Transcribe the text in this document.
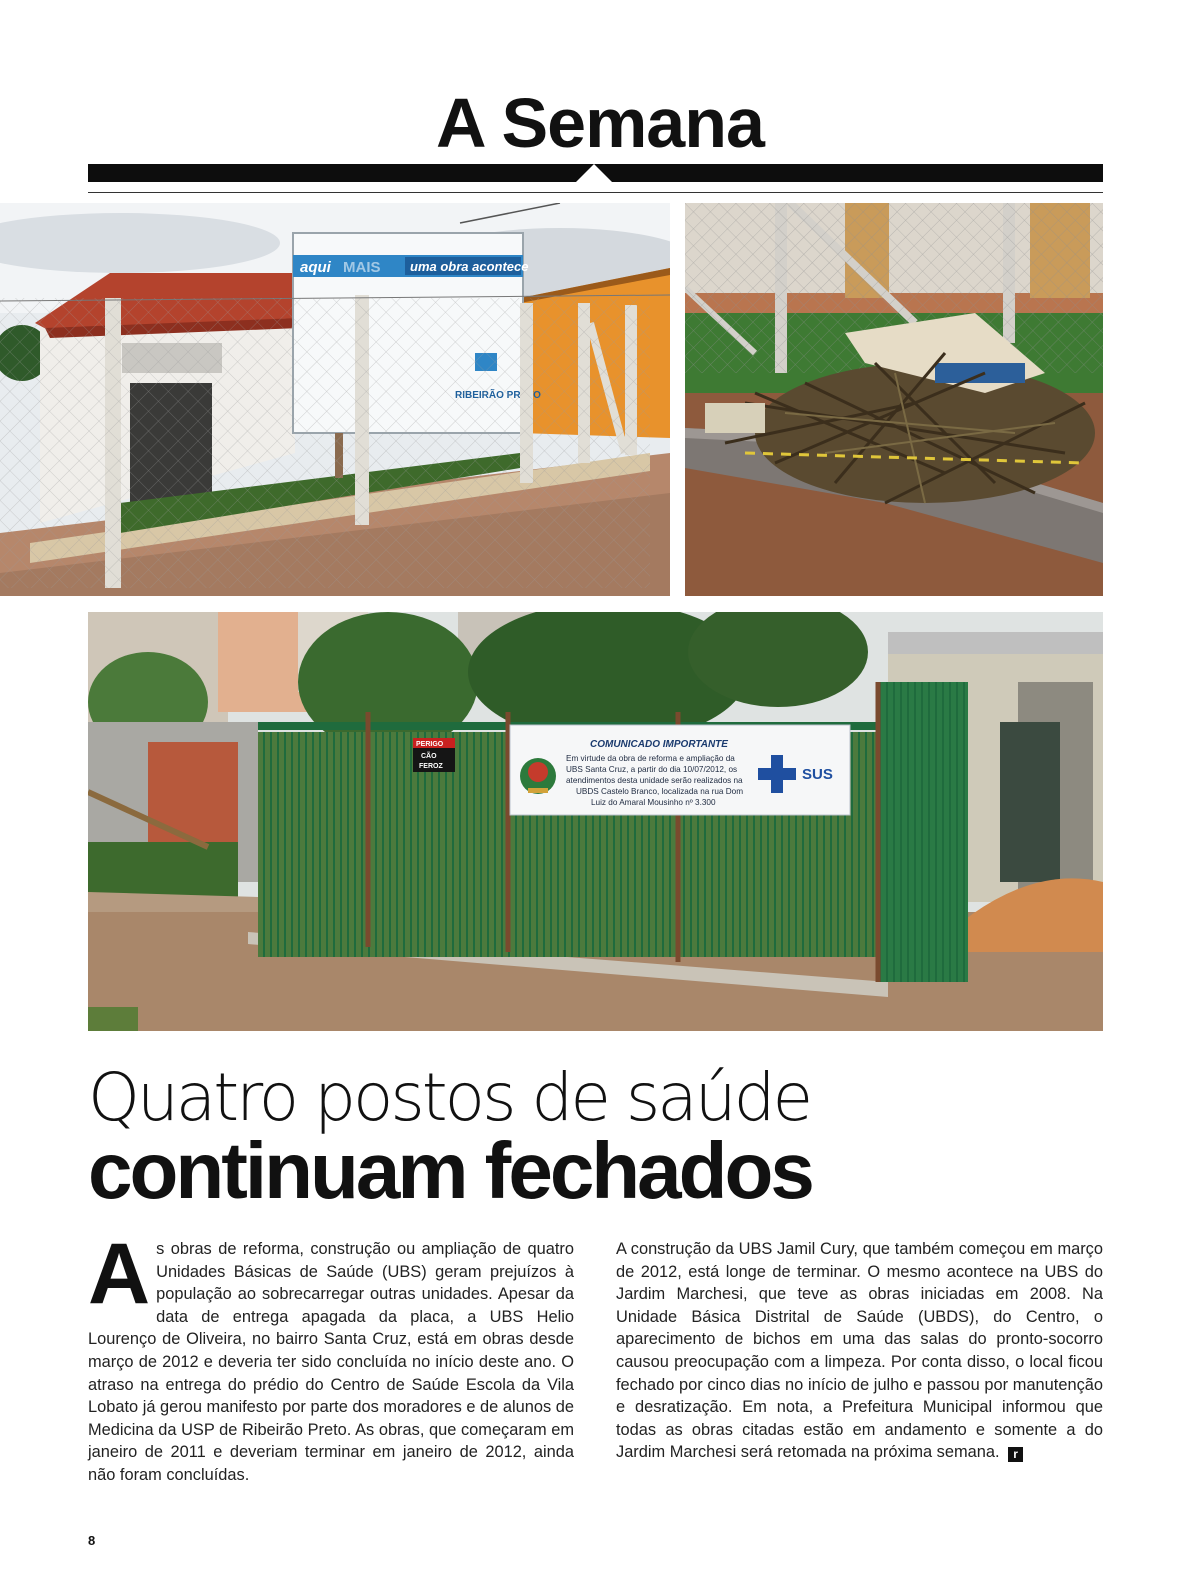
A Semana
aqui MAIS uma obra acontece
PERIGO
CÃO
FEROZ
COMUNICADO IMPORTANTE
Em virtude da obra de reforma e ampliação da
UBS Santa Cruz, a partir do dia 10/07/2012, os
atendimentos desta unidade serão realizados na
UBDS Castelo Branco, localizada na rua Dom
Luiz do Amaral Mousinho nº 3.300
SUS
Quatro postos de saúde
continuam fechados

A s obras de reforma, construção ou ampliação de quatro Unidades Básicas de Saúde (UBS) geram prejuízos à população ao sobrecarregar outras unidades. Apesar da data de entrega apagada da placa, a UBS Helio Lourenço de Oliveira, no bairro Santa Cruz, está em obras desde março de 2012 e deveria ter sido concluída no início deste ano. O atraso na entrega do prédio do Centro de Saúde Escola da Vila Lobato já gerou manifesto por parte dos moradores e de alunos de Medicina da USP de Ribeirão Preto. As obras, que começaram em janeiro de 2011 e deveriam terminar em janeiro de 2012, ainda não foram concluídas.

A construção da UBS Jamil Cury, que também começou em março de 2012, está longe de terminar. O mesmo acontece na UBS do Jardim Marchesi, que teve as obras iniciadas em 2008. Na Unidade Básica Distrital de Saúde (UBDS), do Centro, o aparecimento de bichos em uma das salas do pronto-socorro causou preocupação com a limpeza. Por conta disso, o local ficou fechado por cinco dias no início de julho e passou por manutenção e desratização. Em nota, a Prefeitura Municipal informou que todas as obras citadas estão em andamento e somente a do Jardim Marchesi será retomada na próxima semana. r

8
